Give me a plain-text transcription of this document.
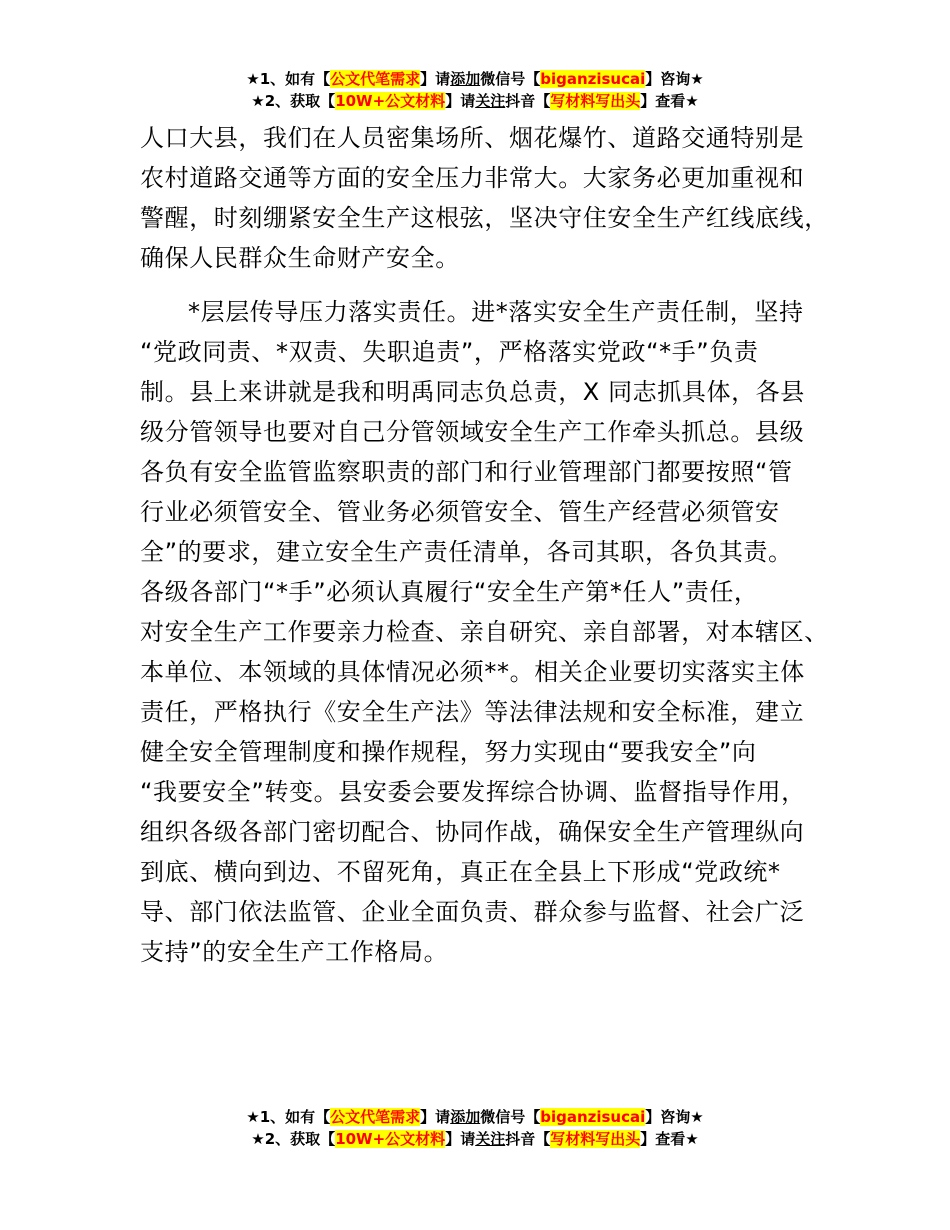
★1、如有【公文代笔需求】请添加微信号【biganzisucai】咨询★
★2、获取【10W+公文材料】请关注抖音【写材料写出头】查看★

人口大县，我们在人员密集场所、烟花爆竹、道路交通特别是
农村道路交通等方面的安全压力非常大。大家务必更加重视和
警醒，时刻绷紧安全生产这根弦，坚决守住安全生产红线底线，
确保人民群众生命财产安全。

*层层传导压力落实责任。进*落实安全生产责任制，坚持
“党政同责、*双责、失职追责”，严格落实党政“*手”负责
制。县上来讲就是我和明禹同志负总责，X 同志抓具体，各县
级分管领导也要对自己分管领域安全生产工作牵头抓总。县级
各负有安全监管监察职责的部门和行业管理部门都要按照“管
行业必须管安全、管业务必须管安全、管生产经营必须管安
全”的要求，建立安全生产责任清单，各司其职，各负其责。
各级各部门“*手”必须认真履行“安全生产第*任人”责任，
对安全生产工作要亲力检查、亲自研究、亲自部署，对本辖区、
本单位、本领域的具体情况必须**。相关企业要切实落实主体
责任，严格执行《安全生产法》等法律法规和安全标准，建立
健全安全管理制度和操作规程，努力实现由“要我安全”向
“我要安全”转变。县安委会要发挥综合协调、监督指导作用，
组织各级各部门密切配合、协同作战，确保安全生产管理纵向
到底、横向到边、不留死角，真正在全县上下形成“党政统*
导、部门依法监管、企业全面负责、群众参与监督、社会广泛
支持”的安全生产工作格局。

★1、如有【公文代笔需求】请添加微信号【biganzisucai】咨询★
★2、获取【10W+公文材料】请关注抖音【写材料写出头】查看★
